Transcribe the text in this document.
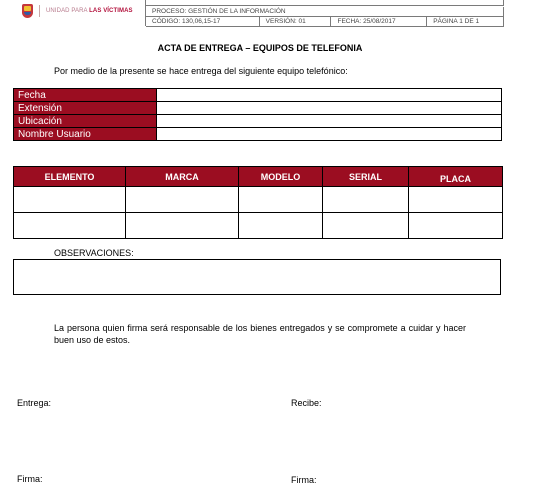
UNIDAD PARA LAS VÍCTIMAS	PROCESO: GESTIÓN DE LA INFORMACIÓN
CÓDIGO: 130,06,15-17	VERSIÓN: 01	FECHA: 25/08/2017	PÁGINA 1 DE 1
ACTA DE ENTREGA – EQUIPOS DE TELEFONIA
Por medio de la presente se hace entrega del siguiente equipo telefónico:
Fecha	
Extensión	
Ubicación	
Nombre Usuario	
ELEMENTO	MARCA	MODELO	SERIAL	PLACA

OBSERVACIONES:
La persona quien firma será responsable de los bienes entregados y se compromete a cuidar y hacer buen uso de estos.
Entrega:	Recibe:
Firma:	Firma:
